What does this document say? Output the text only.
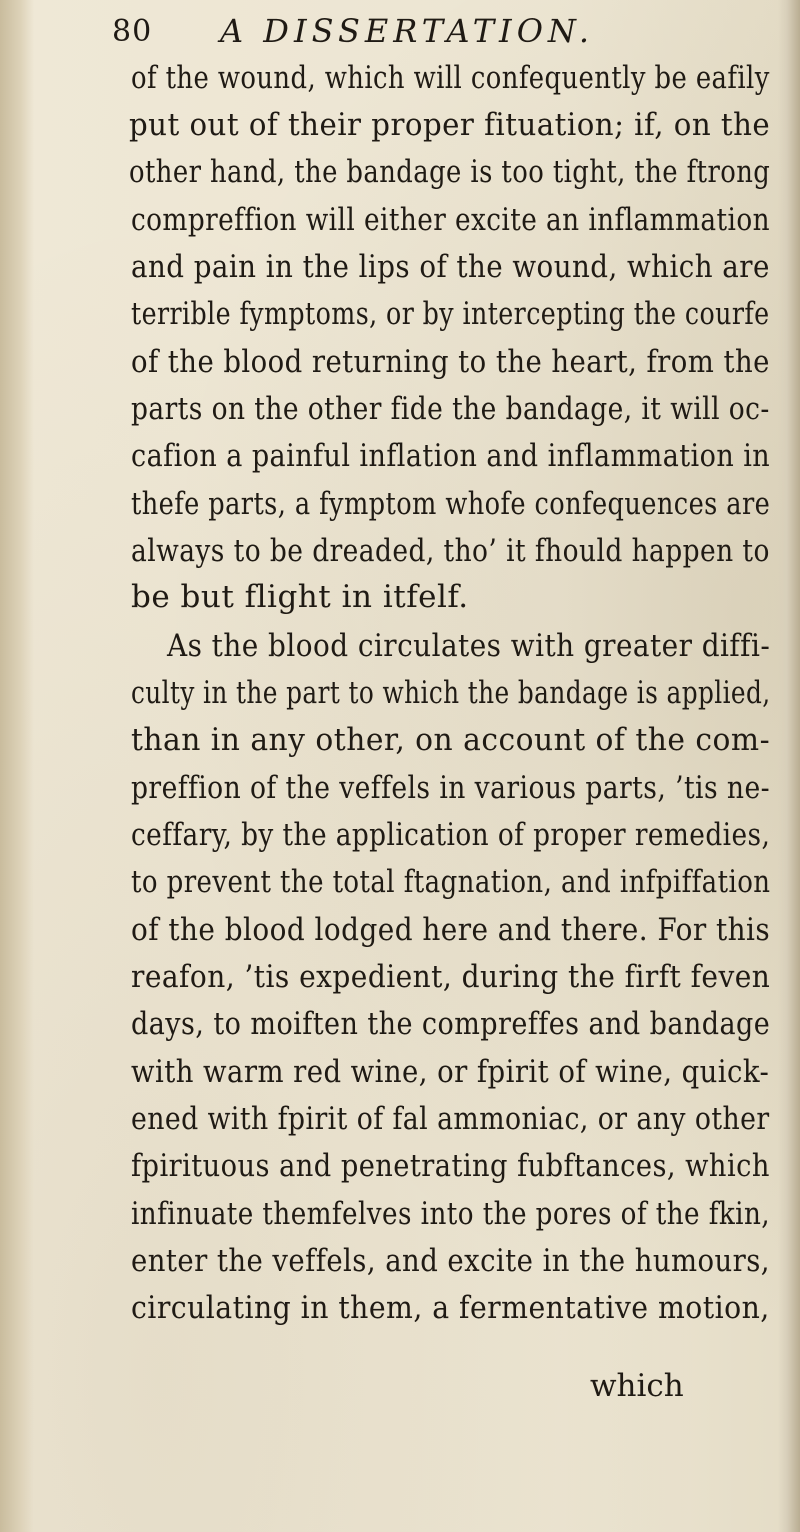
80 A DISSERTATION.
of the wound, which will confequently be eafily
put out of their proper fituation; if, on the
other hand, the bandage is too tight, the ftrong
compreffion will either excite an inflammation
and pain in the lips of the wound, which are
terrible fymptoms, or by intercepting the courfe
of the blood returning to the heart, from the
parts on the other fide the bandage, it will oc-
cafion a painful inflation and inflammation in
thefe parts, a fymptom whofe confequences are
always to be dreaded, tho’ it fhould happen to
be but flight in itfelf.
As the blood circulates with greater diffi-
culty in the part to which the bandage is applied,
than in any other, on account of the com-
preffion of the veffels in various parts, ’tis ne-
ceffary, by the application of proper remedies,
to prevent the total ftagnation, and infpiffation
of the blood lodged here and there. For this
reafon, ’tis expedient, during the firft feven
days, to moiften the compreffes and bandage
with warm red wine, or fpirit of wine, quick-
ened with fpirit of fal ammoniac, or any other
fpirituous and penetrating fubftances, which
infinuate themfelves into the pores of the fkin,
enter the veffels, and excite in the humours,
circulating in them, a fermentative motion,
which
